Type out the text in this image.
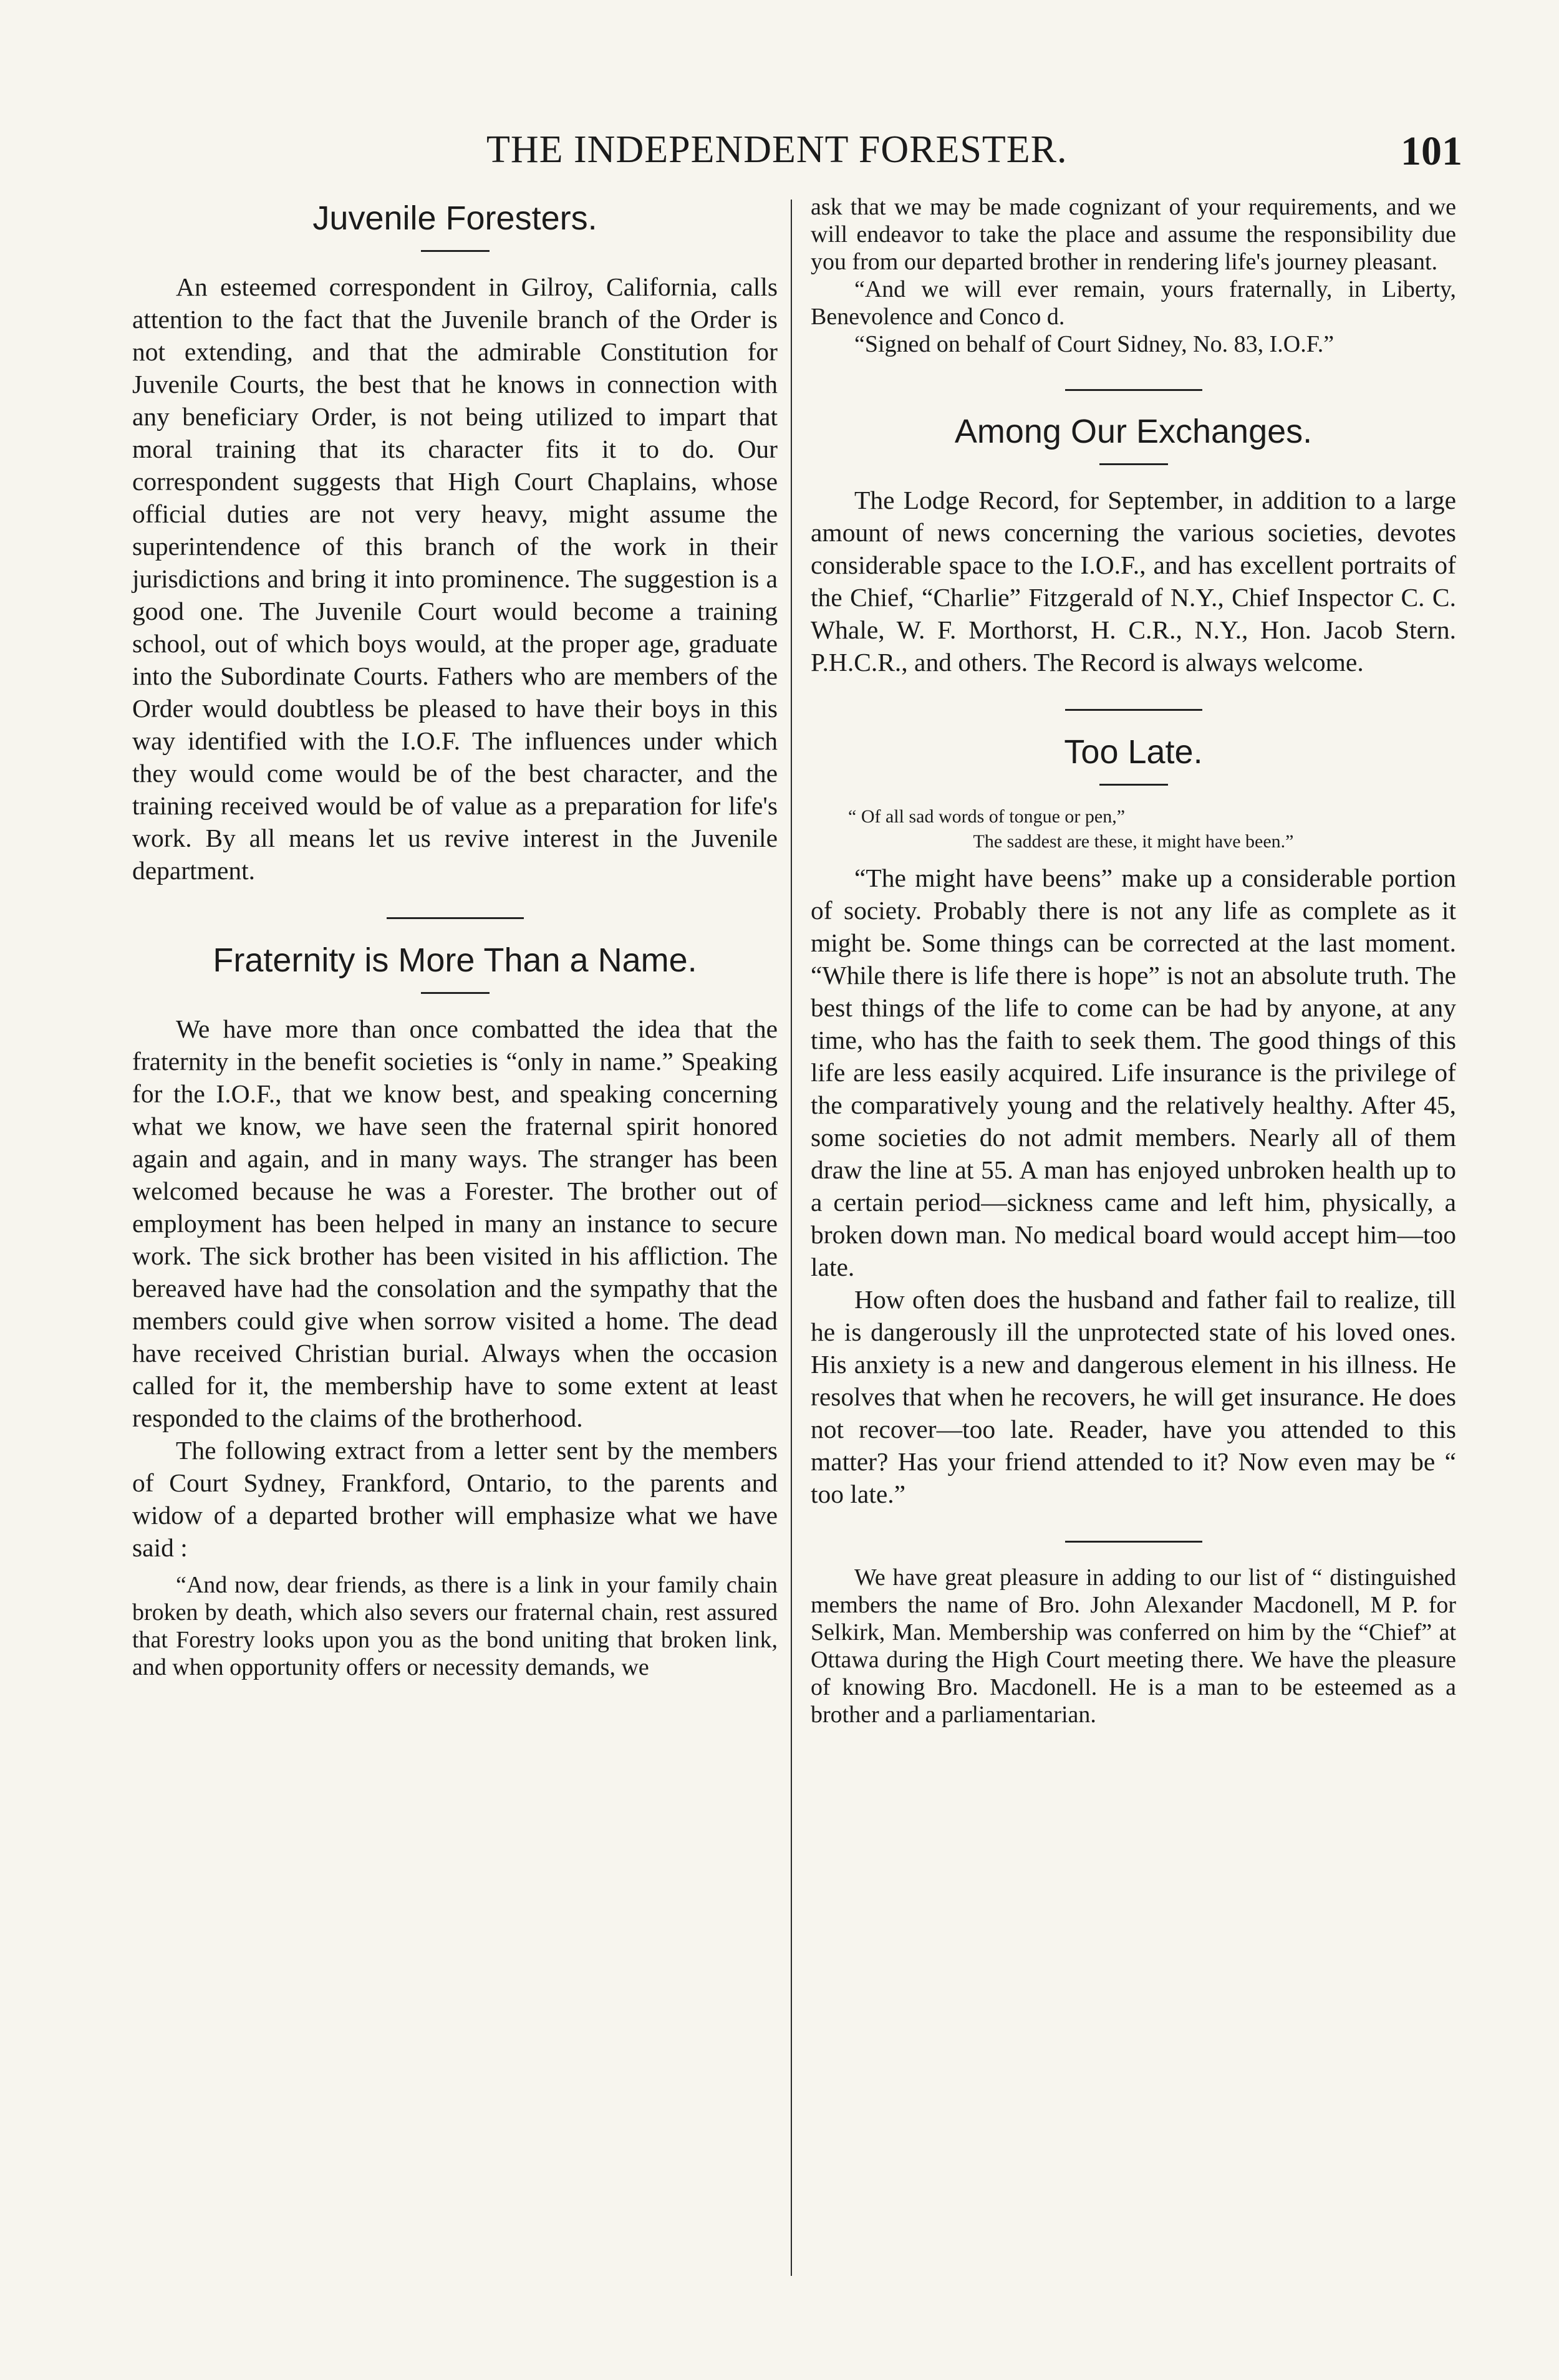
THE INDEPENDENT FORESTER.	101
Juvenile Foresters.

An esteemed correspondent in Gilroy, California, calls attention to the fact that the Juvenile branch of the Order is not extending, and that the admirable Constitution for Juvenile Courts, the best that he knows in connection with any beneficiary Order, is not being utilized to impart that moral training that its character fits it to do. Our correspondent suggests that High Court Chaplains, whose official duties are not very heavy, might assume the superintendence of this branch of the work in their jurisdictions and bring it into prominence. The suggestion is a good one. The Juvenile Court would become a training school, out of which boys would, at the proper age, graduate into the Subordinate Courts. Fathers who are members of the Order would doubtless be pleased to have their boys in this way identified with the I.O.F. The influences under which they would come would be of the best character, and the training received would be of value as a preparation for life's work. By all means let us revive interest in the Juvenile department.

Fraternity is More Than a Name.

We have more than once combatted the idea that the fraternity in the benefit societies is “only in name.” Speaking for the I.O.F., that we know best, and speaking concerning what we know, we have seen the fraternal spirit honored again and again, and in many ways. The stranger has been welcomed because he was a Forester. The brother out of employment has been helped in many an instance to secure work. The sick brother has been visited in his affliction. The bereaved have had the consolation and the sympathy that the members could give when sorrow visited a home. The dead have received Christian burial. Always when the occasion called for it, the membership have to some extent at least responded to the claims of the brotherhood.

The following extract from a letter sent by the members of Court Sydney, Frankford, Ontario, to the parents and widow of a departed brother will emphasize what we have said :

“And now, dear friends, as there is a link in your family chain broken by death, which also severs our fraternal chain, rest assured that Forestry looks upon you as the bond uniting that broken link, and when opportunity offers or necessity demands, we

ask that we may be made cognizant of your requirements, and we will endeavor to take the place and assume the responsibility due you from our departed brother in rendering life's journey pleasant.

“And we will ever remain, yours fraternally, in Liberty, Benevolence and Conco d.

“Signed on behalf of Court Sidney, No. 83, I.O.F.”

Among Our Exchanges.

The Lodge Record, for September, in addition to a large amount of news concerning the various societies, devotes considerable space to the I.O.F., and has excellent portraits of the Chief, “Charlie” Fitzgerald of N.Y., Chief Inspector C. C. Whale, W. F. Morthorst, H. C.R., N.Y., Hon. Jacob Stern. P.H.C.R., and others. The Record is always welcome.

Too Late.
“ Of all sad words of tongue or pen,”
The saddest are these, it might have been.”

“The might have beens” make up a considerable portion of society. Probably there is not any life as complete as it might be. Some things can be corrected at the last moment. “While there is life there is hope” is not an absolute truth. The best things of the life to come can be had by anyone, at any time, who has the faith to seek them. The good things of this life are less easily acquired. Life insurance is the privilege of the comparatively young and the relatively healthy. After 45, some societies do not admit members. Nearly all of them draw the line at 55. A man has enjoyed unbroken health up to a certain period—sickness came and left him, physically, a broken down man. No medical board would accept him—too late.

How often does the husband and father fail to realize, till he is dangerously ill the unprotected state of his loved ones. His anxiety is a new and dangerous element in his illness. He resolves that when he recovers, he will get insurance. He does not recover—too late. Reader, have you attended to this matter? Has your friend attended to it? Now even may be “ too late.”

We have great pleasure in adding to our list of “ distinguished members the name of Bro. John Alexander Macdonell, M P. for Selkirk, Man. Membership was conferred on him by the “Chief” at Ottawa during the High Court meeting there. We have the pleasure of knowing Bro. Macdonell. He is a man to be esteemed as a brother and a parliamentarian.
